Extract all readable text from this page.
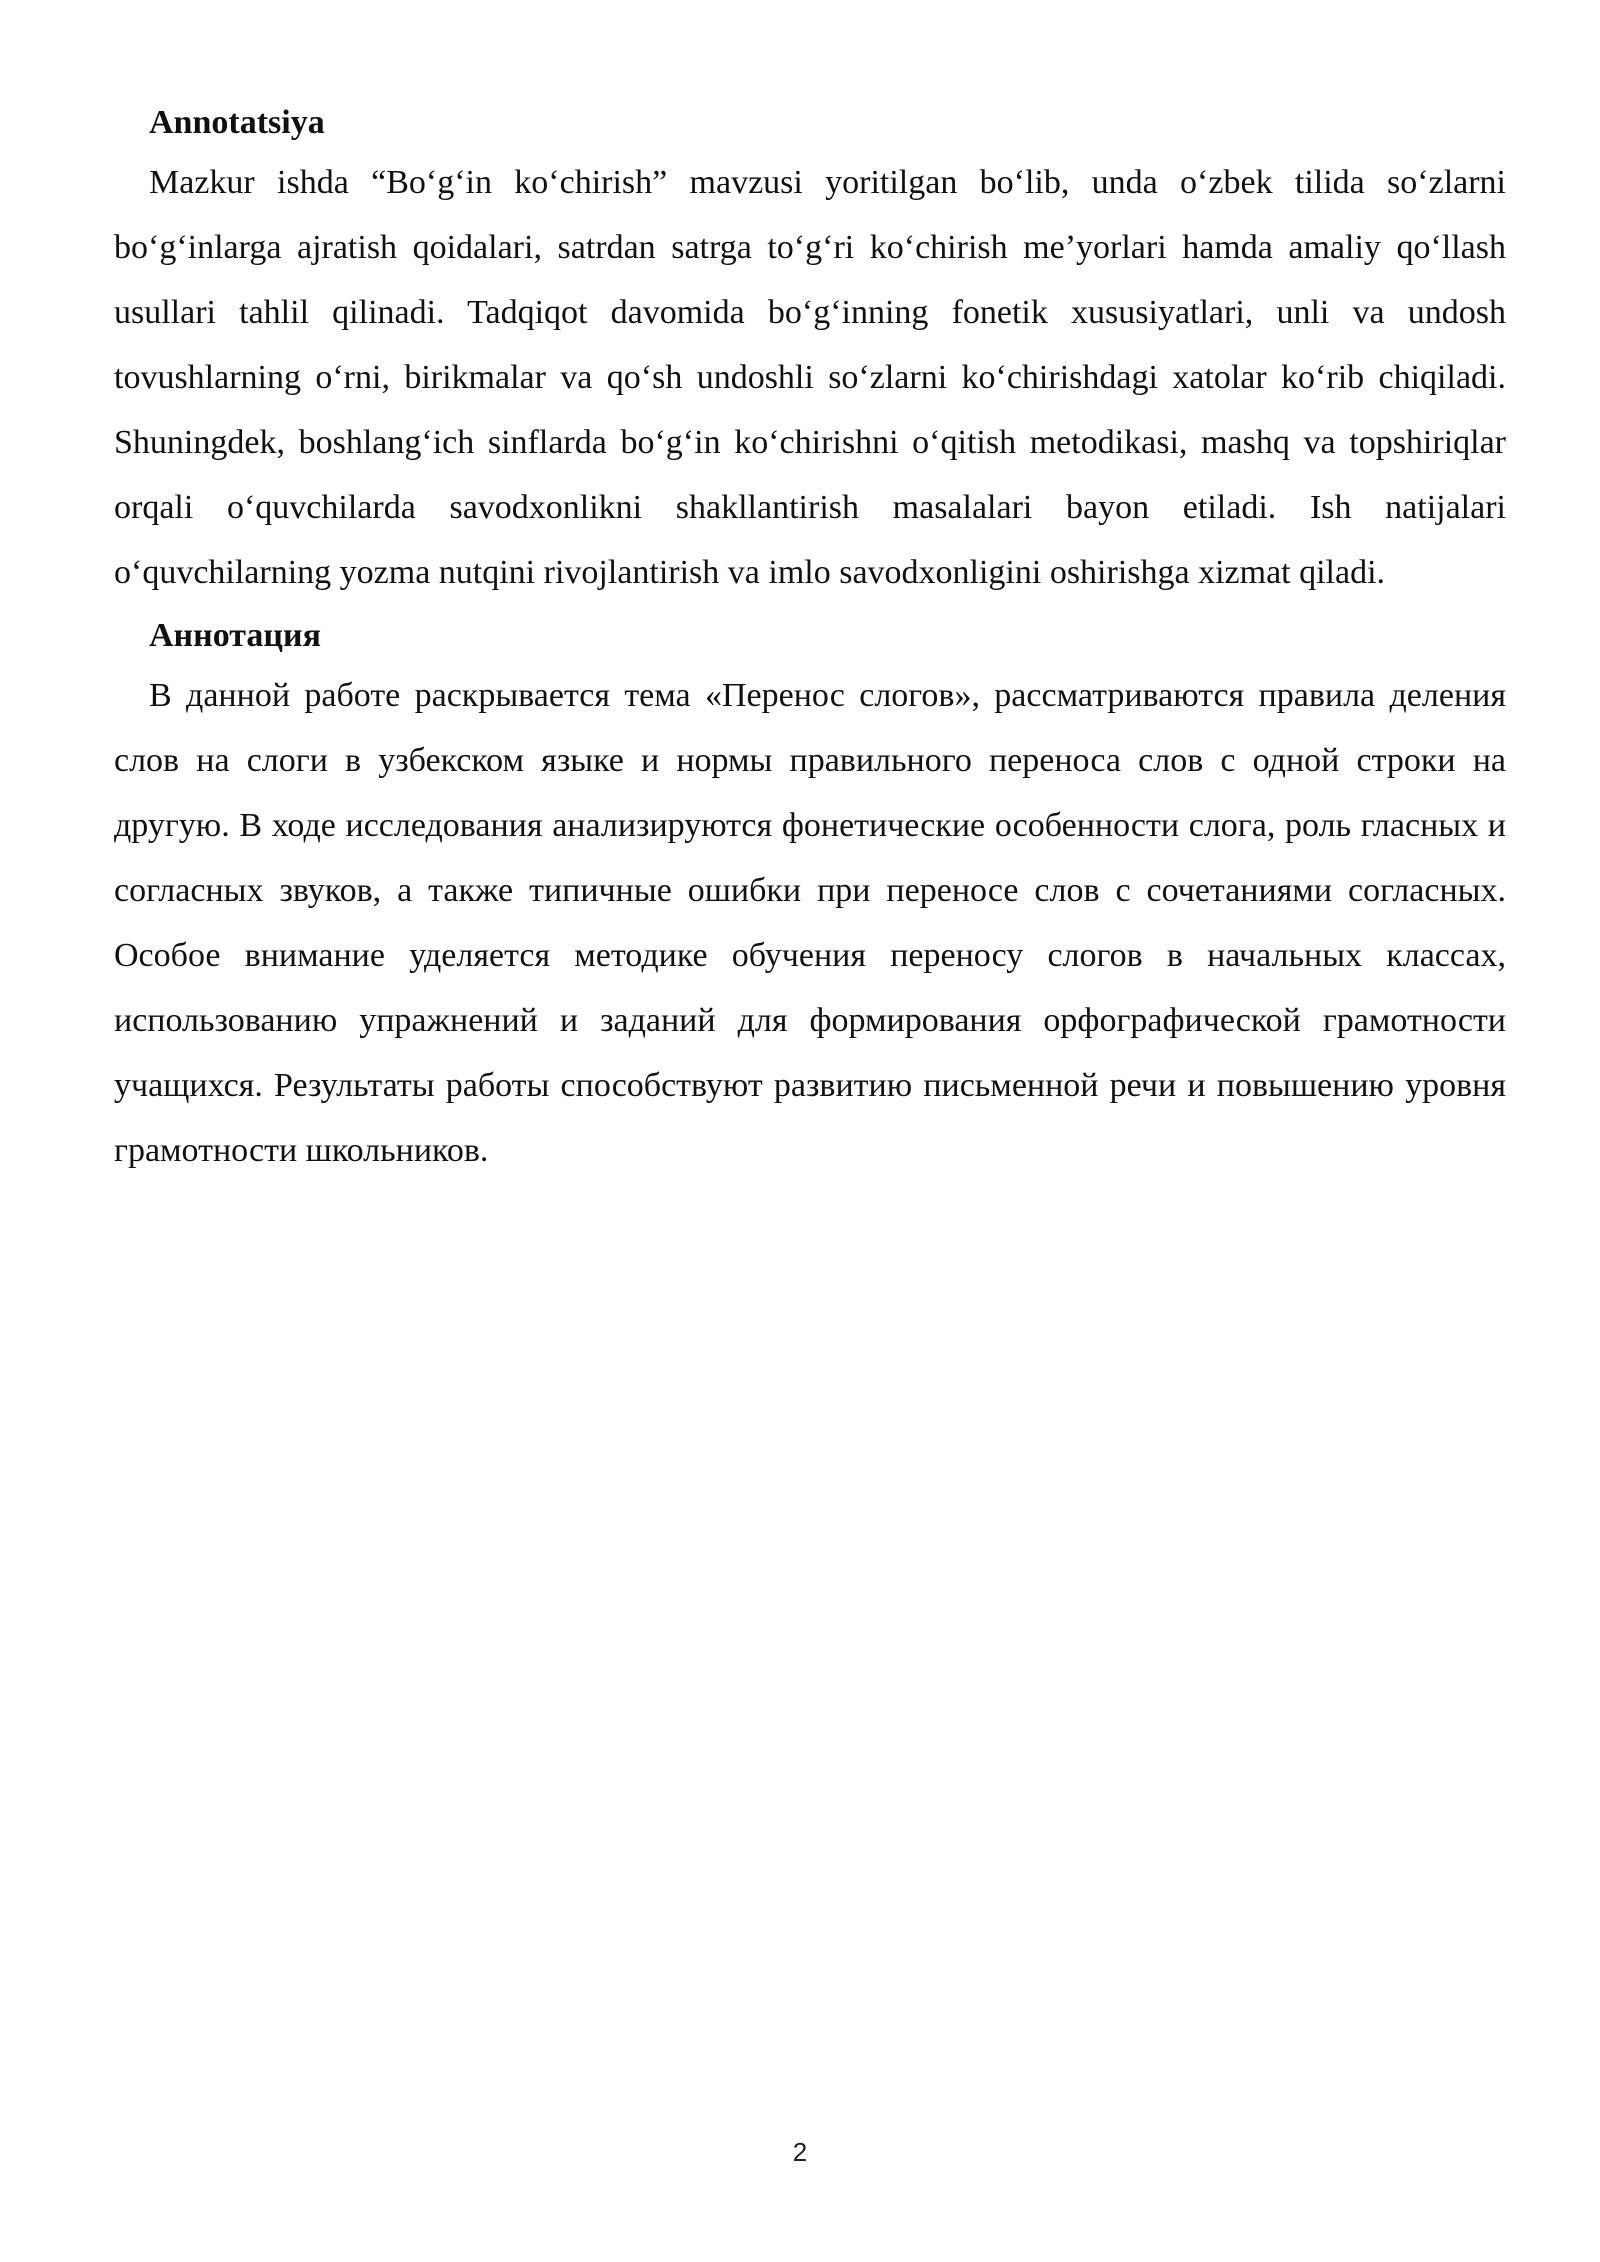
Annotatsiya

Mazkur ishda “Boʻgʻin koʻchirish” mavzusi yoritilgan boʻlib, unda oʻzbek tilida soʻzlarni boʻgʻinlarga ajratish qoidalari, satrdan satrga toʻgʻri koʻchirish meʼyorlari hamda amaliy qoʻllash usullari tahlil qilinadi. Tadqiqot davomida boʻgʻinning fonetik xususiyatlari, unli va undosh tovushlarning oʻrni, birikmalar va qoʻsh undoshli soʻzlarni koʻchirishdagi xatolar koʻrib chiqiladi. Shuningdek, boshlangʻich sinflarda boʻgʻin koʻchirishni oʻqitish metodikasi, mashq va topshiriqlar orqali oʻquvchilarda savodxonlikni shakllantirish masalalari bayon etiladi. Ish natijalari oʻquvchilarning yozma nutqini rivojlantirish va imlo savodxonligini oshirishga xizmat qiladi.

Аннотация

В данной работе раскрывается тема «Перенос слогов», рассматриваются правила деления слов на слоги в узбекском языке и нормы правильного переноса слов с одной строки на другую. В ходе исследования анализируются фонетические особенности слога, роль гласных и согласных звуков, а также типичные ошибки при переносе слов с сочетаниями согласных. Особое внимание уделяется методике обучения переносу слогов в начальных классах, использованию упражнений и заданий для формирования орфографической грамотности учащихся. Результаты работы способствуют развитию письменной речи и повышению уровня грамотности школьников.

2
